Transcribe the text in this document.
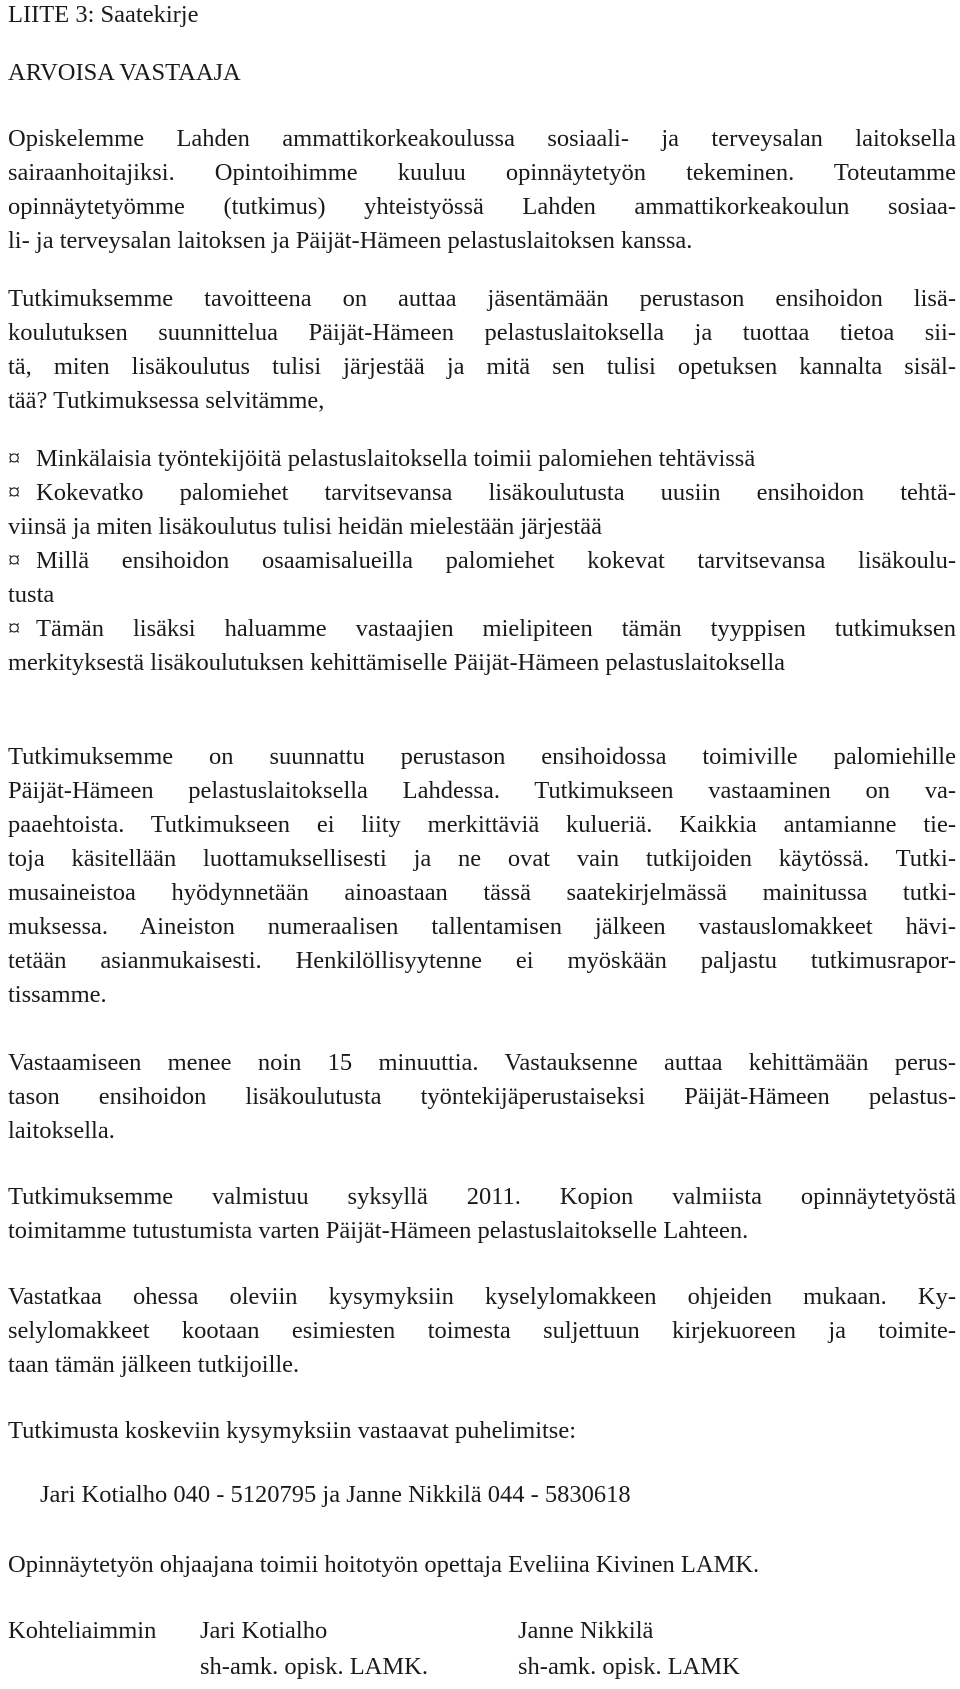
LIITE 3: Saatekirje
ARVOISA VASTAAJA
Opiskelemme Lahden ammattikorkeakoulussa sosiaali- ja terveysalan laitoksella
sairaanhoitajiksi. Opintoihimme kuuluu opinnäytetyön tekeminen. Toteutamme
opinnäytetyömme (tutkimus) yhteistyössä Lahden ammattikorkeakoulun sosiaa-
li- ja terveysalan laitoksen ja Päijät-Hämeen pelastuslaitoksen kanssa.
Tutkimuksemme tavoitteena on auttaa jäsentämään perustason ensihoidon lisä-
koulutuksen suunnittelua Päijät-Hämeen pelastuslaitoksella ja tuottaa tietoa sii-
tä, miten lisäkoulutus tulisi järjestää ja mitä sen tulisi opetuksen kannalta sisäl-
tää? Tutkimuksessa selvitämme,
¤ Minkälaisia työntekijöitä pelastuslaitoksella toimii palomiehen tehtävissä
¤ Kokevatko palomiehet tarvitsevansa lisäkoulutusta uusiin ensihoidon tehtä-
viinsä ja miten lisäkoulutus tulisi heidän mielestään järjestää
¤ Millä ensihoidon osaamisalueilla palomiehet kokevat tarvitsevansa lisäkoulu-
tusta
¤ Tämän lisäksi haluamme vastaajien mielipiteen tämän tyyppisen tutkimuksen
merkityksestä lisäkoulutuksen kehittämiselle Päijät-Hämeen pelastuslaitoksella
Tutkimuksemme on suunnattu perustason ensihoidossa toimiville palomiehille
Päijät-Hämeen pelastuslaitoksella Lahdessa. Tutkimukseen vastaaminen on va-
paaehtoista. Tutkimukseen ei liity merkittäviä kulueriä. Kaikkia antamianne tie-
toja käsitellään luottamuksellisesti ja ne ovat vain tutkijoiden käytössä. Tutki-
musaineistoa hyödynnetään ainoastaan tässä saatekirjelmässä mainitussa tutki-
muksessa. Aineiston numeraalisen tallentamisen jälkeen vastauslomakkeet hävi-
tetään asianmukaisesti. Henkilöllisyytenne ei myöskään paljastu tutkimusrapor-
tissamme.
Vastaamiseen menee noin 15 minuuttia. Vastauksenne auttaa kehittämään perus-
tason ensihoidon lisäkoulutusta työntekijäperustaiseksi Päijät-Hämeen pelastus-
laitoksella.
Tutkimuksemme valmistuu syksyllä 2011. Kopion valmiista opinnäytetyöstä
toimitamme tutustumista varten Päijät-Hämeen pelastuslaitokselle Lahteen.
Vastatkaa ohessa oleviin kysymyksiin kyselylomakkeen ohjeiden mukaan. Ky-
selylomakkeet kootaan esimiesten toimesta suljettuun kirjekuoreen ja toimite-
taan tämän jälkeen tutkijoille.
Tutkimusta koskeviin kysymyksiin vastaavat puhelimitse:
Jari Kotialho 040 - 5120795 ja Janne Nikkilä 044 - 5830618
Opinnäytetyön ohjaajana toimii hoitotyön opettaja Eveliina Kivinen LAMK.
Kohteliaimmin Jari Kotialho
sh-amk. opisk. LAMK.
Janne Nikkilä
sh-amk. opisk. LAMK
